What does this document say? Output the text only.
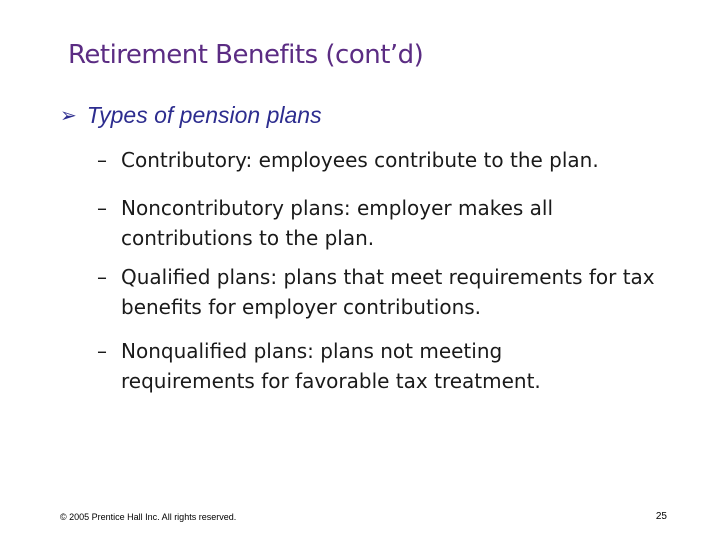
Retirement Benefits (cont’d)
➢ Types of pension plans
– Contributory: employees contribute to the plan.
– Noncontributory plans: employer makes all contributions to the plan.
– Qualified plans: plans that meet requirements for tax benefits for employer contributions.
– Nonqualified plans: plans not meeting requirements for favorable tax treatment.
© 2005 Prentice Hall Inc. All rights reserved.	25
